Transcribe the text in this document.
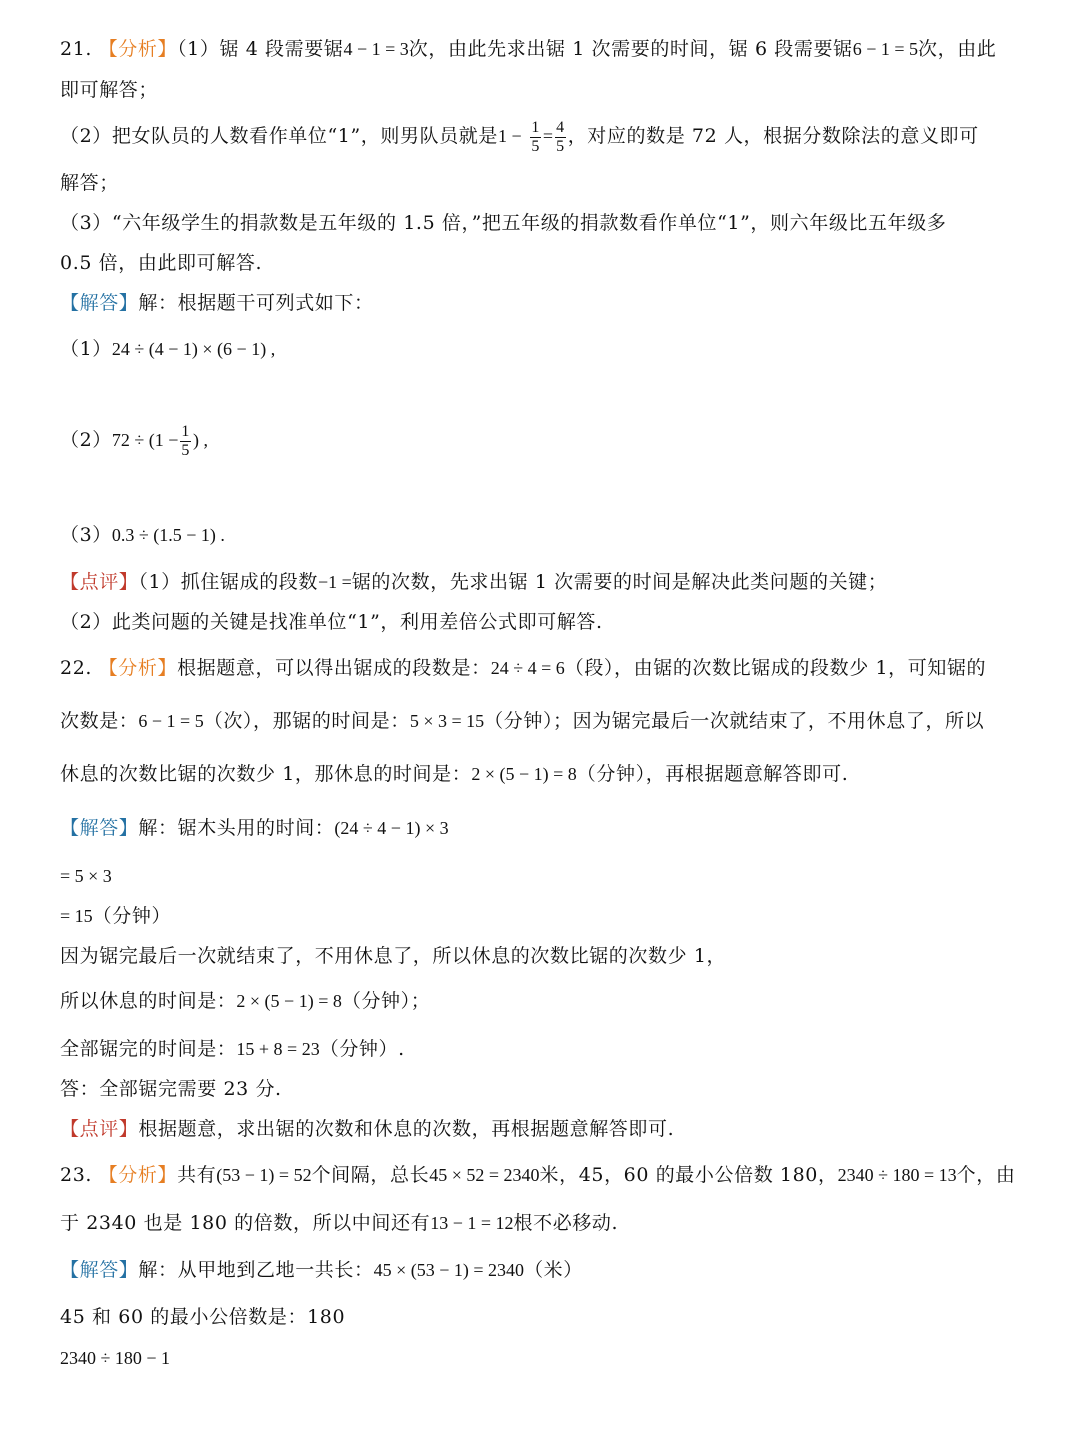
21. 【分析】（1）锯 4 段需要锯4 − 1 = 3次，由此先求出锯 1 次需要的时间，锯 6 段需要锯6 − 1 = 5次，由此
即可解答；
（2）把女队员的人数看作单位“1”，则男队员就是$1 - \frac{1}{5} = \frac{4}{5}$ ，对应的数是 72 人，根据分数除法的意义即可
解答；
（3）“六年级学生的捐款数是五年级的 1.5 倍，”把五年级的捐款数看作单位“1”，则六年级比五年级多
0.5 倍，由此即可解答.
【解答】解：根据题干可列式如下：
（1）24 ÷ (4 − 1) × (6 − 1) ,
$(2)72 \div (1 - \frac{1}{5}$ ) ,
（3）0.3 ÷ (1.5 − 1) .
【点评】（1）抓住锯成的段数−1 =锯的次数，先求出锯 1 次需要的时间是解决此类问题的关键；
（2）此类问题的关键是找准单位“1”，利用差倍公式即可解答.
22. 【分析】根据题意，可以得出锯成的段数是：24 ÷ 4 = 6（段），由锯的次数比锯成的段数少 1，可知锯的
次数是：6 − 1 = 5（次），那锯的时间是：5 × 3 = 15（分钟）；因为锯完最后一次就结束了，不用休息了，所以
休息的次数比锯的次数少 1，那休息的时间是：2 × (5 − 1) = 8（分钟），再根据题意解答即可.
【解答】解：锯木头用的时间：(24 ÷ 4 − 1) × 3
= 5 × 3
= 15（分钟）
因为锯完最后一次就结束了，不用休息了，所以休息的次数比锯的次数少 1，
所以休息的时间是：2 × (5 − 1) = 8（分钟）；
全部锯完的时间是：15 + 8 = 23（分钟）.
答：全部锯完需要 23 分.
【点评】根据题意，求出锯的次数和休息的次数，再根据题意解答即可.
23. 【分析】共有(53 − 1) = 52个间隔，总长45 × 52 = 2340米，45，60 的最小公倍数 180，2340 ÷ 180 = 13个，由
于 2340 也是 180 的倍数，所以中间还有13 − 1 = 12根不必移动.
【解答】解：从甲地到乙地一共长：45 × (53 − 1) = 2340（米）
45 和 60 的最小公倍数是：180
2340 ÷ 180 − 1
